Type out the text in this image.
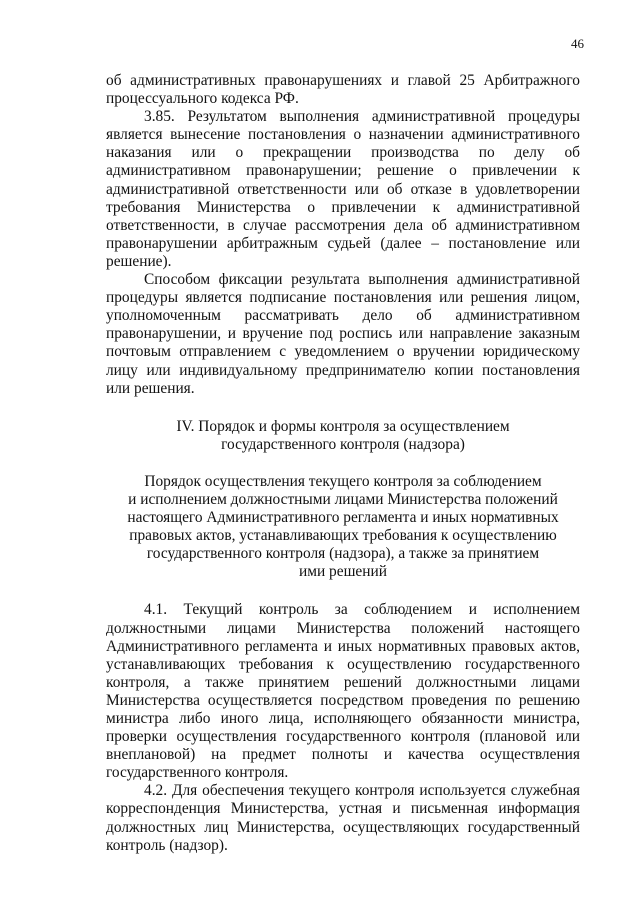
46

об административных правонарушениях и главой 25 Арбитражного процессуального кодекса РФ.

3.85. Результатом выполнения административной процедуры является вынесение постановления о назначении административного наказания или о прекращении производства по делу об административном правонарушении; решение о привлечении к административной ответственности или об отказе в удовлетворении требования Министерства о привлечении к административной ответственности, в случае рассмотрения дела об административном правонарушении арбитражным судьей (далее – постановление или решение).

Способом фиксации результата выполнения административной процедуры является подписание постановления или решения лицом, уполномоченным рассматривать дело об административном правонарушении, и вручение под роспись или направление заказным почтовым отправлением с уведомлением о вручении юридическому лицу или индивидуальному предпринимателю копии постановления или решения.

IV. Порядок и формы контроля за осуществлением

государственного контроля (надзора)

Порядок осуществления текущего контроля за соблюдением

и исполнением должностными лицами Министерства положений

настоящего Административного регламента и иных нормативных

правовых актов, устанавливающих требования к осуществлению

государственного контроля (надзора), а также за принятием

ими решений

4.1. Текущий контроль за соблюдением и исполнением должностными лицами Министерства положений настоящего Административного регламента и иных нормативных правовых актов, устанавливающих требования к осуществлению государственного контроля, а также принятием решений должностными лицами Министерства осуществляется посредством проведения по решению министра либо иного лица, исполняющего обязанности министра, проверки осуществления государственного контроля (плановой или внеплановой) на предмет полноты и качества осуществления государственного контроля.

4.2. Для обеспечения текущего контроля используется служебная корреспонденция Министерства, устная и письменная информация должностных лиц Министерства, осуществляющих государственный контроль (надзор).
